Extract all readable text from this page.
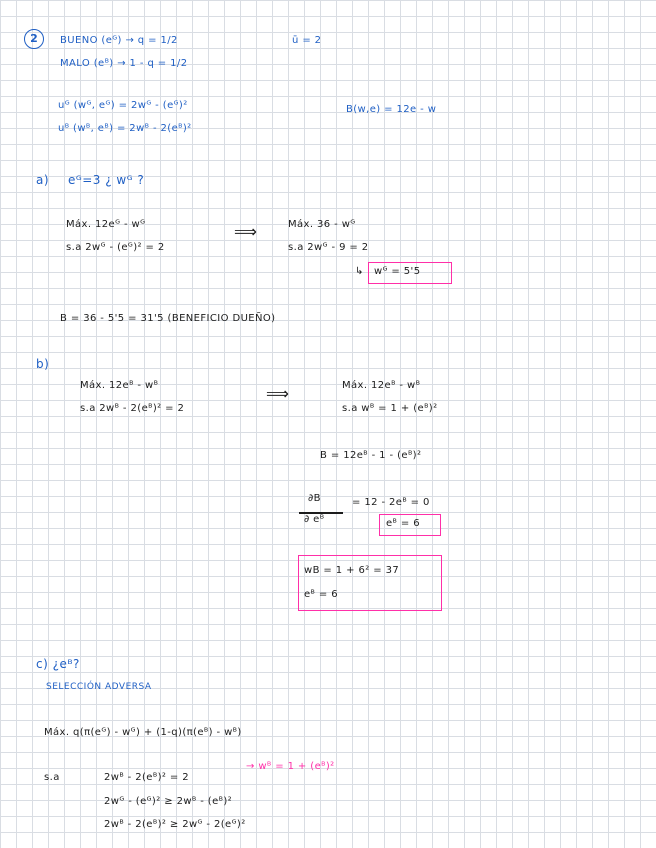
2	BUENO (eᴳ) → q = 1/2
MALO (eᴮ) → 1 - q = 1/2
ū = 2
uᴳ (wᴳ, eᴳ) = 2wᴳ - (eᴳ)²
uᴮ (wᴮ, eᴮ) = 2wᴮ - 2(eᴮ)²
B(w,e) = 12e - w
a) eᴳ=3 ¿ wᴳ ?
Máx. 12eᴳ - wᴳ
s.a 2wᴳ - (eᴳ)² = 2
⟹	Máx. 36 - wᴳ
s.a 2wᴳ - 9 = 2
↳ wᴳ = 5'5
B = 36 - 5'5 = 31'5 (BENEFICIO DUEÑO)
b)
Máx. 12eᴮ - wᴮ
s.a 2wᴮ - 2(eᴮ)² = 2
⟹	Máx. 12eᴮ - wᴮ
s.a wᴮ = 1 + (eᴮ)²
B = 12eᴮ - 1 - (eᴮ)²
∂B
∂ eᴮ
= 12 - 2eᴮ = 0
eᴮ = 6
wB = 1 + 6² = 37
eᴮ = 6
c) ¿eᴮ?
SELECCIÓN ADVERSA
Máx. q(π(eᴳ) - wᴳ) + (1-q)(π(eᴮ) - wᴮ)
s.a	2wᴮ - 2(eᴮ)² = 2
→ wᴮ = 1 + (eᴮ)²
2wᴳ - (eᴳ)² ≥ 2wᴮ - (eᴮ)²
2wᴮ - 2(eᴮ)² ≥ 2wᴳ - 2(eᴳ)²
